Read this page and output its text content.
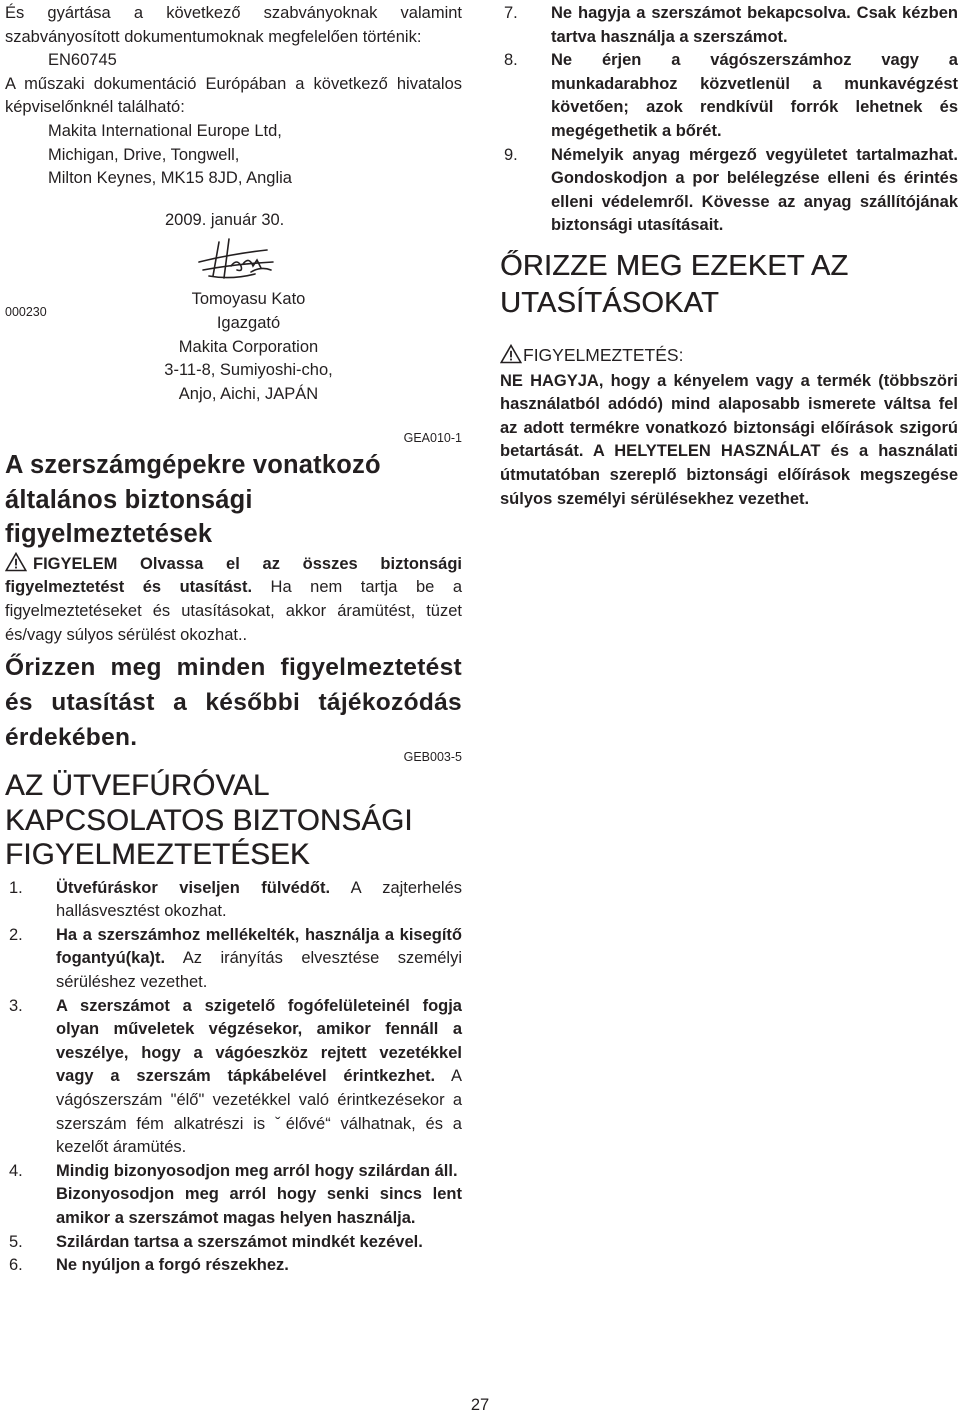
És gyártása a következő szabványoknak valamint szabványosított dokumentumoknak megfelelően történik:

EN60745

A műszaki dokumentáció Európában a következő hivatalos képviselőnknél található:

Makita International Europe Ltd,

Michigan, Drive, Tongwell,

Milton Keynes, MK15 8JD, Anglia

2009. január 30.

Tomoyasu Kato

Igazgató

Makita Corporation

3-11-8, Sumiyoshi-cho,

Anjo, Aichi, JAPÁN

GEA010-1

A szerszámgépekre vonatkozó általános biztonsági figyelmeztetések

FIGYELEM Olvassa el az összes biztonsági figyelmeztetést és utasítást. Ha nem tartja be a figyelmeztetéseket és utasításokat, akkor áramütést, tüzet és/vagy súlyos sérülést okozhat..

Őrizzen meg minden figyelmeztetést és utasítást a későbbi tájékozódás érdekében.

GEB003-5

AZ ÜTVEFÚRÓVAL KAPCSOLATOS BIZTONSÁGI FIGYELMEZTETÉSEK
1. Ütvefúráskor viseljen fülvédőt. A zajterhelés hallásvesztést okozhat.
2. Ha a szerszámhoz mellékelték, használja a kisegítő fogantyú(ka)t. Az irányítás elvesztése személyi sérüléshez vezethet.
3. A szerszámot a szigetelő fogófelületeinél fogja olyan műveletek végzésekor, amikor fennáll a veszélye, hogy a vágóeszköz rejtett vezetékkel vagy a szerszám tápkábelével érintkezhet. A vágószerszám "élő" vezetékkel való érintkezésekor a szerszám fém alkatrészi is ˇélővé“ válhatnak, és a kezelőt áramütés.
4. Mindig bizonyosodjon meg arról hogy szilárdan áll.
Bizonyosodjon meg arról hogy senki sincs lent amikor a szerszámot magas helyen használja.
5. Szilárdan tartsa a szerszámot mindkét kezével.
6. Ne nyúljon a forgó részekhez.

000230

7. Ne hagyja a szerszámot bekapcsolva. Csak kézben tartva használja a szerszámot.
8. Ne érjen a vágószerszámhoz vagy a munkadarabhoz közvetlenül a munkavégzést követően; azok rendkívül forrók lehetnek és megégethetik a bőrét.
9. Némelyik anyag mérgező vegyületet tartalmazhat. Gondoskodjon a por belélegzése elleni és érintés elleni védelemről. Kövesse az anyag szállítójának biztonsági utasításait.
ŐRIZZE MEG EZEKET AZ UTASÍTÁSOKAT

FIGYELMEZTETÉS:

NE HAGYJA, hogy a kényelem vagy a termék (többszöri használatból adódó) mind alaposabb ismerete váltsa fel az adott termékre vonatkozó biztonsági előírások szigorú betartását. A HELYTELEN HASZNÁLAT és a használati útmutatóban szereplő biztonsági előírások megszegése súlyos személyi sérülésekhez vezethet.

27
